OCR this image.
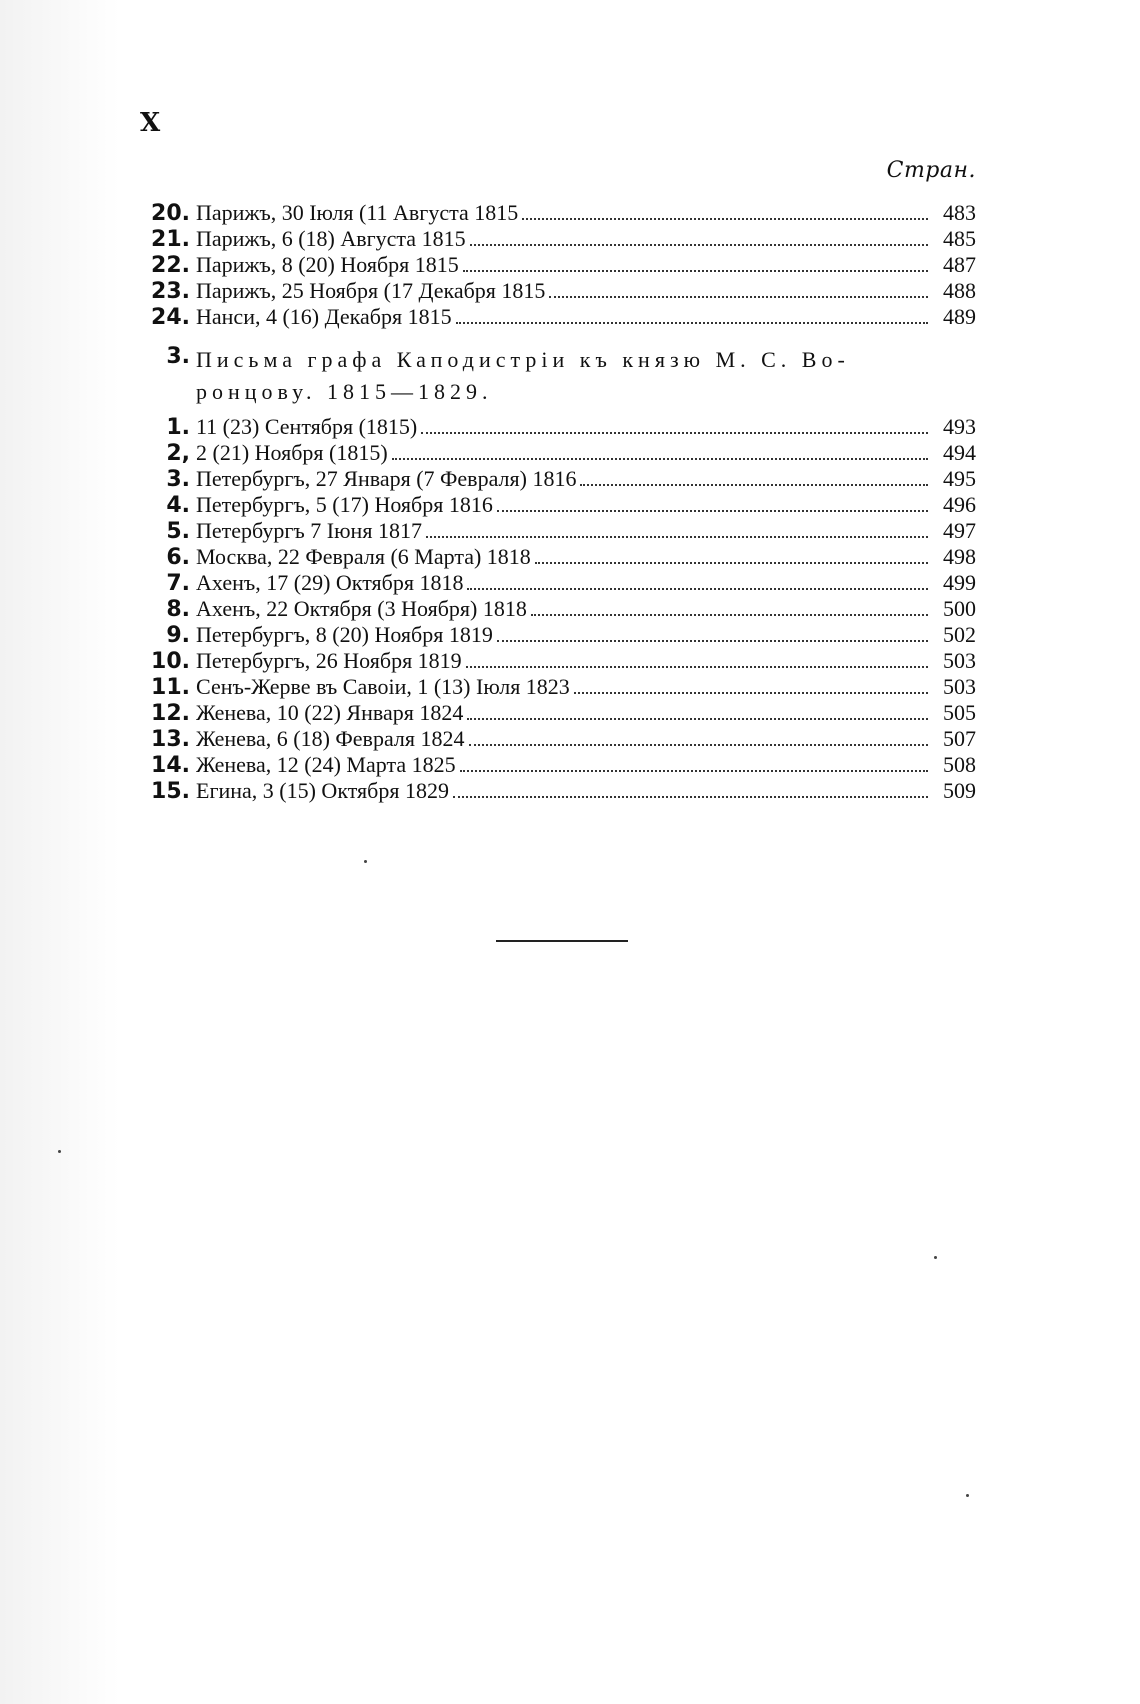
X
Стран.
20. Парижъ, 30 Іюля (11 Августа 1815	483
21. Парижъ, 6 (18) Августа 1815	485
22. Парижъ, 8 (20) Ноября 1815	487
23. Парижъ, 25 Ноября (17 Декабря 1815	488
24. Нанси, 4 (16) Декабря 1815	489
3. Письма графа Каподистріи къ князю М. С. Во-
ронцову. 1815—1829.
1. 11 (23) Сентября (1815)	493
2, 2 (21) Ноября (1815)	494
3. Петербургъ, 27 Января (7 Февраля) 1816	495
4. Петербургъ, 5 (17) Ноября 1816	496
5. Петербургъ 7 Іюня 1817	497
6. Москва, 22 Февраля (6 Марта) 1818	498
7. Ахенъ, 17 (29) Октября 1818	499
8. Ахенъ, 22 Октября (3 Ноября) 1818	500
9. Петербургъ, 8 (20) Ноября 1819	502
10. Петербургъ, 26 Ноября 1819	503
11. Сенъ-Жерве въ Савоіи, 1 (13) Іюля 1823	503
12. Женева, 10 (22) Января 1824	505
13. Женева, 6 (18) Февраля 1824	507
14. Женева, 12 (24) Марта 1825	508
15. Егина, 3 (15) Октября 1829	509
